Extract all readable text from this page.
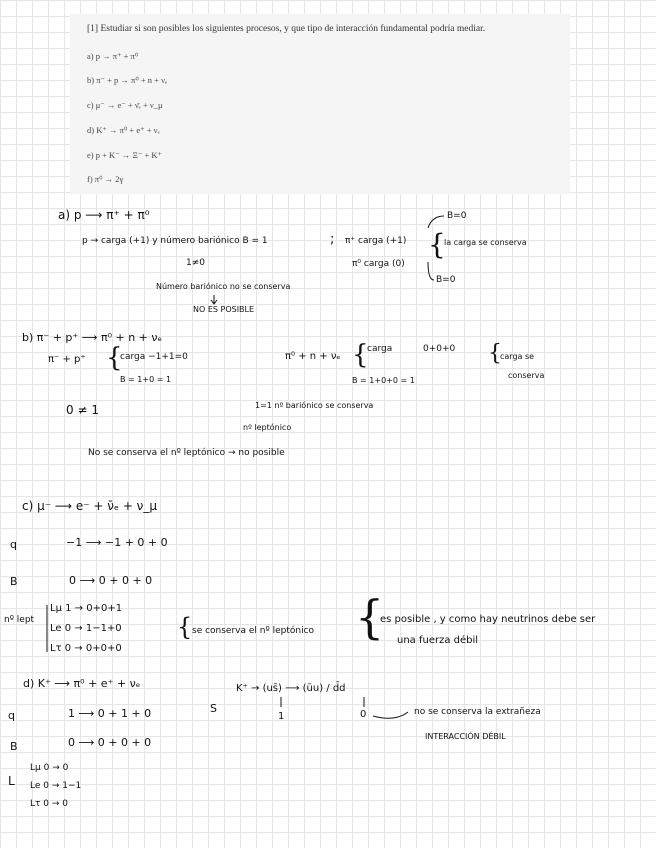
[1] Estudiar si son posibles los siguientes procesos, y que tipo de interacción fundamental podría mediar.
a) p → π⁺ + π⁰
b) π⁻ + p → π⁰ + n + νₑ
c) μ⁻ → e⁻ + ν̄ₑ + ν_μ
d) K⁺ → π⁰ + e⁺ + νₑ
e) p + K⁻ → Ξ⁻ + K⁺
f) π⁰ → 2γ
a) p ⟶ π⁺ + π⁰
p → carga (+1) y número bariónico B = 1	; π⁺ carga (+1)
π⁰ carga (0)
{
la carga se conserva
B=0
B=0
1≠0
Número bariónico no se conserva
NO ES POSIBLE
b) π⁻ + p⁺ ⟶ π⁰ + n + νₑ
π⁻ + p⁺ {
carga −1+1=0
B = 1+0 = 1
π⁰ + n + νₑ {
carga	0+0+0
B = 1+0+0 = 1
{
carga se
conserva
0 ≠ 1	1=1 nº bariónico se conserva
nº leptónico
No se conserva el nº leptónico → no posible
c) μ⁻ ⟶ e⁻ + ν̄ₑ + ν_μ
q	−1 ⟶ −1 + 0 + 0
B	0 ⟶ 0 + 0 + 0
nº lept
Lμ 1 → 0+0+1
Le 0 → 1−1+0
Lτ 0 → 0+0+0
{ se conserva el nº leptónico {
es posible , y como hay neutrinos debe ser
una fuerza débil
d) K⁺ ⟶ π⁰ + e⁺ + νₑ
q	1 ⟶ 0 + 1 + 0
B	0 ⟶ 0 + 0 + 0
L
Lμ 0 → 0
Le 0 → 1−1
Lτ 0 → 0
S
K⁺ → (us̄) ⟶ (ūu) / d̄d
1	0	no se conserva la extrañeza
INTERACCIÓN DÉBIL
